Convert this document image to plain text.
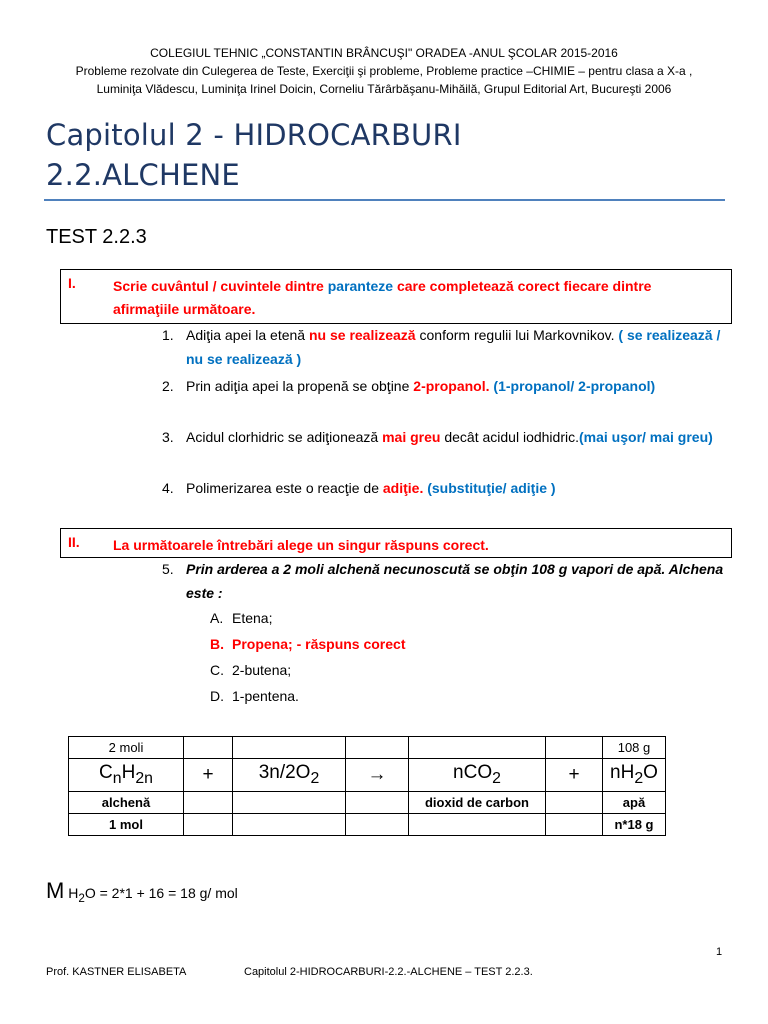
COLEGIUL TEHNIC „CONSTANTIN BRÂNCUŞI" ORADEA -ANUL ŞCOLAR 2015-2016
Probleme rezolvate din Culegerea de Teste, Exerciţii şi probleme, Probleme practice –CHIMIE – pentru clasa a X-a ,
Luminiţa Vlădescu, Luminiţa Irinel Doicin, Corneliu Tărârbăşanu-Mihăilă, Grupul Editorial Art, Bucureşti 2006
Capitolul 2 - HIDROCARBURI
2.2.ALCHENE
TEST 2.2.3
I.	Scrie cuvântul / cuvintele dintre paranteze care completează corect fiecare dintre afirmaţiile următoare.
1. Adiţia apei la etenă nu se realizează conform regulii lui Markovnikov. ( se realizează / nu se realizează )
2. Prin adiţia apei la propenă se obţine 2-propanol. (1-propanol/ 2-propanol)
3. Acidul clorhidric se adiţionează mai greu decât acidul iodhidric.(mai uşor/ mai greu)
4. Polimerizarea este o reacţie de adiţie. (substituţie/ adiţie )
II. La următoarele întrebări alege un singur răspuns corect.
5. Prin arderea a 2 moli alchenă necunoscută se obţin 108 g vapori de apă. Alchena este :
A. Etena;
B. Propena; - răspuns corect
C. 2-butena;
D. 1-pentena.
2 moli						108 g
$C_nH_{2n}$	+	$3n/2O_2$	→	nCO$_2$	+	$nH_2O$
alchenă				dioxid de carbon		apă
1 mol						n*18 g
M $H_2O = 2*1 + 16 = 18$ g/ mol
1
Prof. KASTNER ELISABETA	Capitolul 2-HIDROCARBURI-2.2.-ALCHENE – TEST 2.2.3.
